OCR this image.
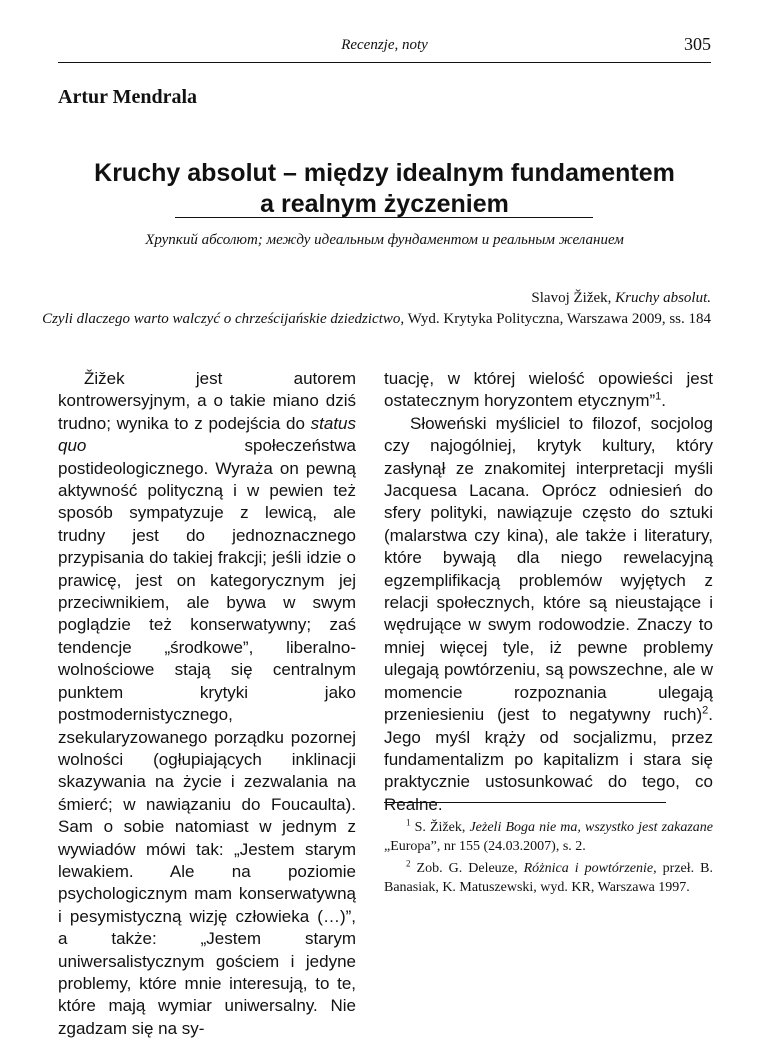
Recenzje, noty	305
Artur Mendrala
Kruchy absolut – między idealnym fundamentem
a realnym życzeniem
Хрупкий абсолют; между идеальным фундаментом и реальным желанием
Slavoj Žižek, Kruchy absolut.
Czyli dlaczego warto walczyć o chrześcijańskie dziedzictwo, Wyd. Krytyka Polityczna, Warszawa 2009, ss. 184

Žižek jest autorem kontrowersyjnym, a o takie miano dziś trudno; wynika to z podejścia do status quo społeczeństwa postideologicznego. Wyraża on pewną aktywność polityczną i w pewien też sposób sympatyzuje z lewicą, ale trudny jest do jednoznacznego przypisania do takiej frakcji; jeśli idzie o prawicę, jest on kategorycznym jej przeciwnikiem, ale bywa w swym poglądzie też konserwatywny; zaś tendencje „środkowe”, liberalno-wolnościowe stają się centralnym punktem krytyki jako postmodernistycznego, zsekularyzowanego porządku pozornej wolności (ogłupiających inklinacji skazywania na życie i zezwalania na śmierć; w nawiązaniu do Foucaulta). Sam o sobie natomiast w jednym z wywiadów mówi tak: „Jestem starym lewakiem. Ale na poziomie psychologicznym mam konserwatywną i pesymistyczną wizję człowieka (…)”, a także: „Jestem starym uniwersalistycznym gościem i jedyne problemy, które mnie interesują, to te, które mają wymiar uniwersalny. Nie zgadzam się na sy-

tuację, w której wielość opowieści jest ostatecznym horyzontem etycznym”$^1$.

Słoweński myśliciel to filozof, socjolog czy najogólniej, krytyk kultury, który zasłynął ze znakomitej interpretacji myśli Jacquesa Lacana. Oprócz odniesień do sfery polityki, nawiązuje często do sztuki (malarstwa czy kina), ale także i literatury, które bywają dla niego rewelacyjną egzemplifikacją problemów wyjętych z relacji społecznych, które są nieustające i wędrujące w swym rodowodzie. Znaczy to mniej więcej tyle, iż pewne problemy ulegają powtórzeniu, są powszechne, ale w momencie rozpoznania ulegają przeniesieniu (jest to negatywny ruch)$^2$. Jego myśl krąży od socjalizmu, przez fundamentalizm po kapitalizm i stara się praktycznie ustosunkować do tego, co Realne.

$^1$ S. Žižek, Jeżeli Boga nie ma, wszystko jest zakazane „Europa”, nr 155 (24.03.2007), s. 2.

$^2$ Zob. G. Deleuze, Różnica i powtórzenie, przeł. B. Banasiak, K. Matuszewski, wyd. KR, Warszawa 1997.
